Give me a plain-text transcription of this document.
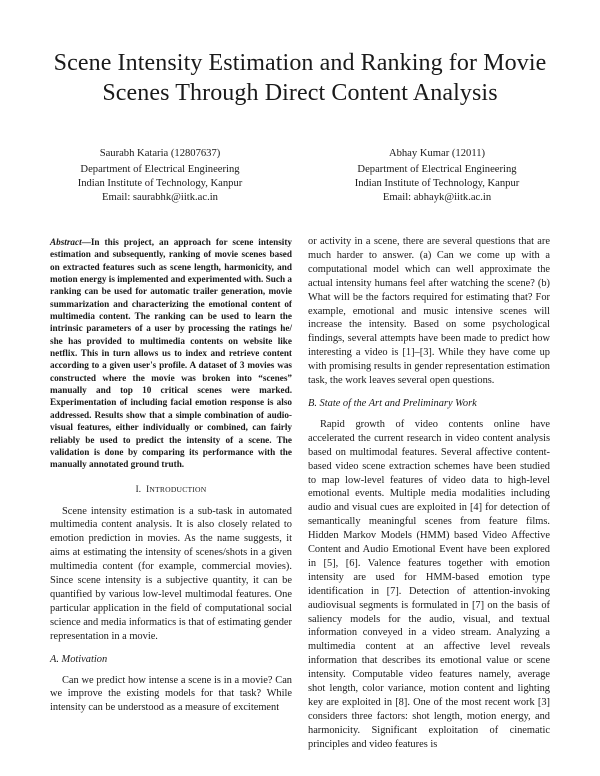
Scene Intensity Estimation and Ranking for Movie
Scenes Through Direct Content Analysis
Saurabh Kataria (12807637)
Department of Electrical Engineering
Indian Institute of Technology, Kanpur
Email: saurabhk@iitk.ac.in
Abhay Kumar (12011)
Department of Electrical Engineering
Indian Institute of Technology, Kanpur
Email: abhayk@iitk.ac.in

Abstract—In this project, an approach for scene intensity estimation and subsequently, ranking of movie scenes based on extracted features such as scene length, harmonicity, and motion energy is implemented and experimented with. Such a ranking can be used for automatic trailer generation, movie summarization and characterizing the emotional content of multimedia content. The ranking can be used to learn the intrinsic parameters of a user by processing the ratings he/ she has provided to multimedia contents on website like netflix. This in turn allows us to index and retrieve content according to a given user's profile. A dataset of 3 movies was constructed where the movie was broken into “scenes” manually and top 10 critical scenes were marked. Experimentation of including facial emotion response is also addressed. Results show that a simple combination of audio-visual features, either individually or combined, can fairly reliably be used to predict the intensity of a scene. The validation is done by comparing its performance with the manually annotated ground truth.

I. INTRODUCTION

Scene intensity estimation is a sub-task in automated multimedia content analysis. It is also closely related to emotion prediction in movies. As the name suggests, it aims at estimating the intensity of scenes/shots in a given multimedia content (for example, commercial movies). Since scene intensity is a subjective quantity, it can be quantified by various low-level multimodal features. One particular application in the field of computational social science and media informatics is that of estimating gender representation in a movie.

A. Motivation

Can we predict how intense a scene is in a movie? Can we improve the existing models for that task? While intensity can be understood as a measure of excitement

or activity in a scene, there are several questions that are much harder to answer. (a) Can we come up with a computational model which can well approximate the actual intensity humans feel after watching the scene? (b) What will be the factors required for estimating that? For example, emotional and music intensive scenes will increase the intensity. Based on some psychological findings, several attempts have been made to predict how interesting a video is [1]–[3]. While they have come up with promising results in gender representation estimation task, the work leaves several open questions.

B. State of the Art and Preliminary Work

Rapid growth of video contents online have accelerated the current research in video content analysis based on multimodal features. Several affective content-based video scene extraction schemes have been studied to map low-level features of video data to high-level emotional events. Multiple media modalities including audio and visual cues are exploited in [4] for detection of semantically meaningful scenes from feature films. Hidden Markov Models (HMM) based Video Affective Content and Audio Emotional Event have been explored in [5], [6]. Valence features together with emotion intensity are used for HMM-based emotion type identification in [7]. Detection of attention-invoking audiovisual segments is formulated in [7] on the basis of saliency models for the audio, visual, and textual information conveyed in a video stream. Analyzing a multimedia content at an affective level reveals information that describes its emotional value or scene intensity. Computable video features namely, average shot length, color variance, motion content and lighting key are exploited in [8]. One of the most recent work [3] considers three factors: shot length, motion energy, and harmonicity. Significant exploitation of cinematic principles and video features is
